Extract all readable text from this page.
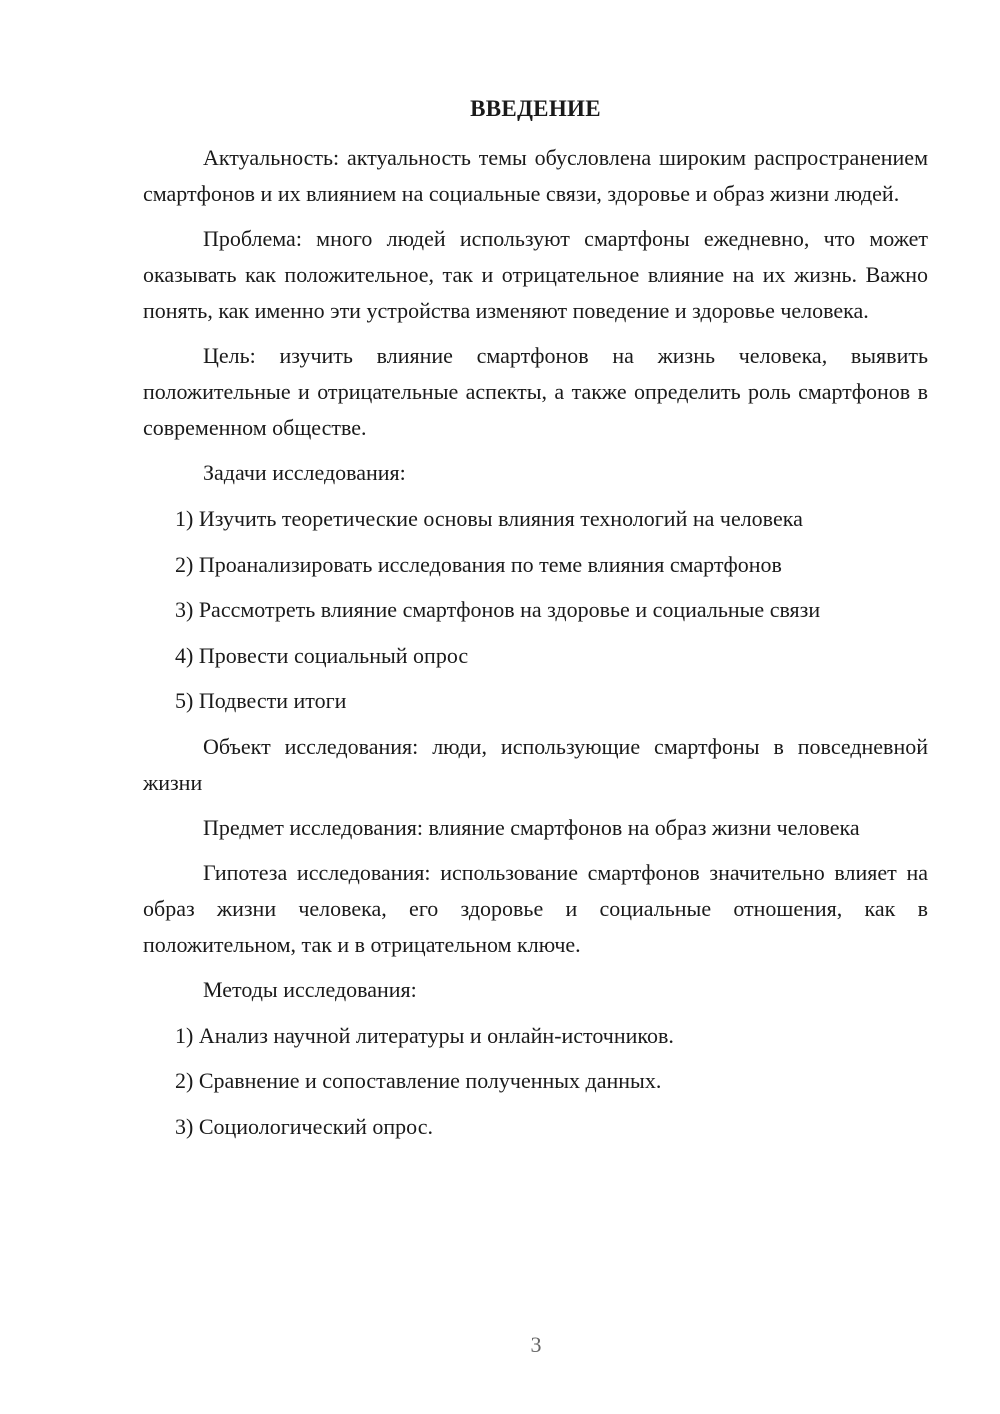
ВВЕДЕНИЕ

Актуальность: актуальность темы обусловлена широким распространением смартфонов и их влиянием на социальные связи, здоровье и образ жизни людей.

Проблема: много людей используют смартфоны ежедневно, что может оказывать как положительное, так и отрицательное влияние на их жизнь. Важно понять, как именно эти устройства изменяют поведение и здоровье человека.

Цель: изучить влияние смартфонов на жизнь человека, выявить положительные и отрицательные аспекты, а также определить роль смартфонов в современном обществе.

Задачи исследования:

1) Изучить теоретические основы влияния технологий на человека
2) Проанализировать исследования по теме влияния смартфонов
3) Рассмотреть влияние смартфонов на здоровье и социальные связи
4) Провести социальный опрос
5) Подвести итоги

Объект исследования: люди, использующие смартфоны в повседневной жизни

Предмет исследования: влияние смартфонов на образ жизни человека

Гипотеза исследования: использование смартфонов значительно влияет на образ жизни человека, его здоровье и социальные отношения, как в положительном, так и в отрицательном ключе.

Методы исследования:

1) Анализ научной литературы и онлайн-источников.
2) Сравнение и сопоставление полученных данных.
3) Социологический опрос.
3
